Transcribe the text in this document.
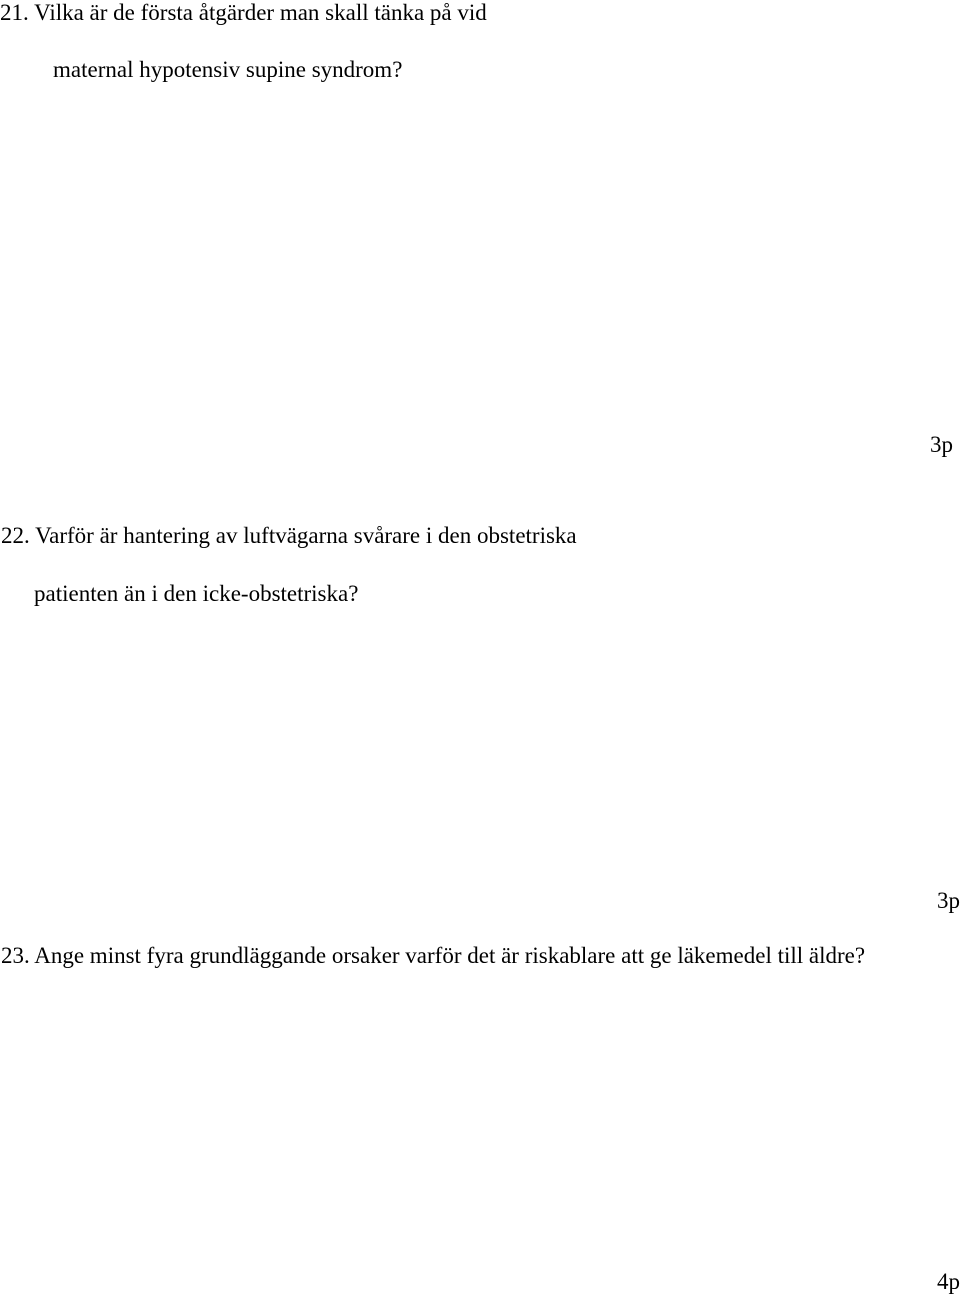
21. Vilka är de första åtgärder man skall tänka på vid
maternal hypotensiv supine syndrom?
3p
22. Varför är hantering av luftvägarna svårare i den obstetriska
patienten än i den icke-obstetriska?
3p
23. Ange minst fyra grundläggande orsaker varför det är riskablare att ge läkemedel till äldre?
4p
